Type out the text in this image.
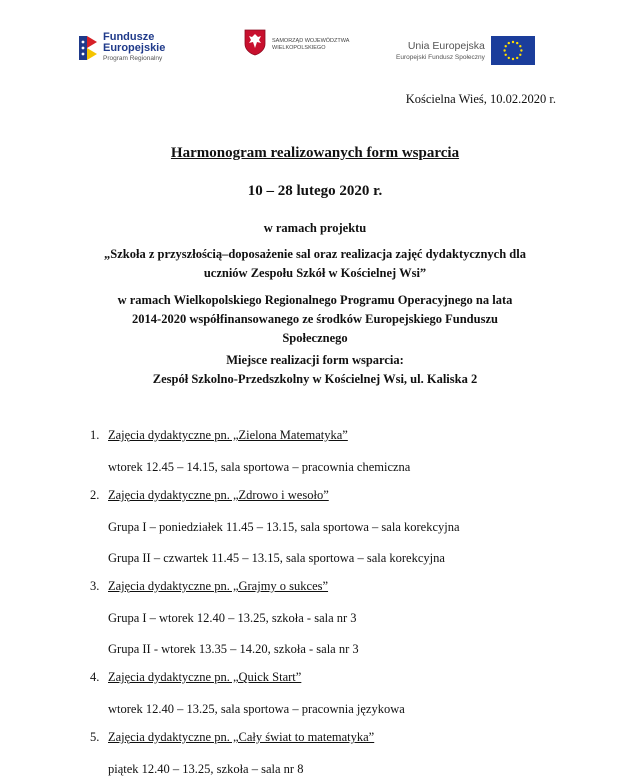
Fundusze
Europejskie
Program Regionalny
SAMORZĄD WOJEWÓDZTWA
WIELKOPOLSKIEGO	Unia Europejska
Europejski Fundusz Społeczny
Kościelna Wieś, 10.02.2020 r.
Harmonogram realizowanych form wsparcia
10 – 28 lutego 2020 r.
w ramach projektu
„Szkoła z przyszłością–doposażenie sal oraz realizacja zajęć dydaktycznych dla
uczniów Zespołu Szkół w Kościelnej Wsi”
w ramach Wielkopolskiego Regionalnego Programu Operacyjnego na lata
2014-2020 współfinansowanego ze środków Europejskiego Funduszu
Społecznego
Miejsce realizacji form wsparcia:
Zespół Szkolno-Przedszkolny w Kościelnej Wsi, ul. Kaliska 2
1. Zajęcia dydaktyczne pn. „Zielona Matematyka”
wtorek 12.45 – 14.15, sala sportowa – pracownia chemiczna
2. Zajęcia dydaktyczne pn. „Zdrowo i wesoło”
Grupa I – poniedziałek 11.45 – 13.15, sala sportowa – sala korekcyjna
Grupa II – czwartek 11.45 – 13.15, sala sportowa – sala korekcyjna
3. Zajęcia dydaktyczne pn. „Grajmy o sukces”
Grupa I – wtorek 12.40 – 13.25, szkoła - sala nr 3
Grupa II - wtorek 13.35 – 14.20, szkoła - sala nr 3
4. Zajęcia dydaktyczne pn. „Quick Start”
wtorek 12.40 – 13.25, sala sportowa – pracownia językowa
5. Zajęcia dydaktyczne pn. „Cały świat to matematyka”
piątek 12.40 – 13.25, szkoła – sala nr 8
